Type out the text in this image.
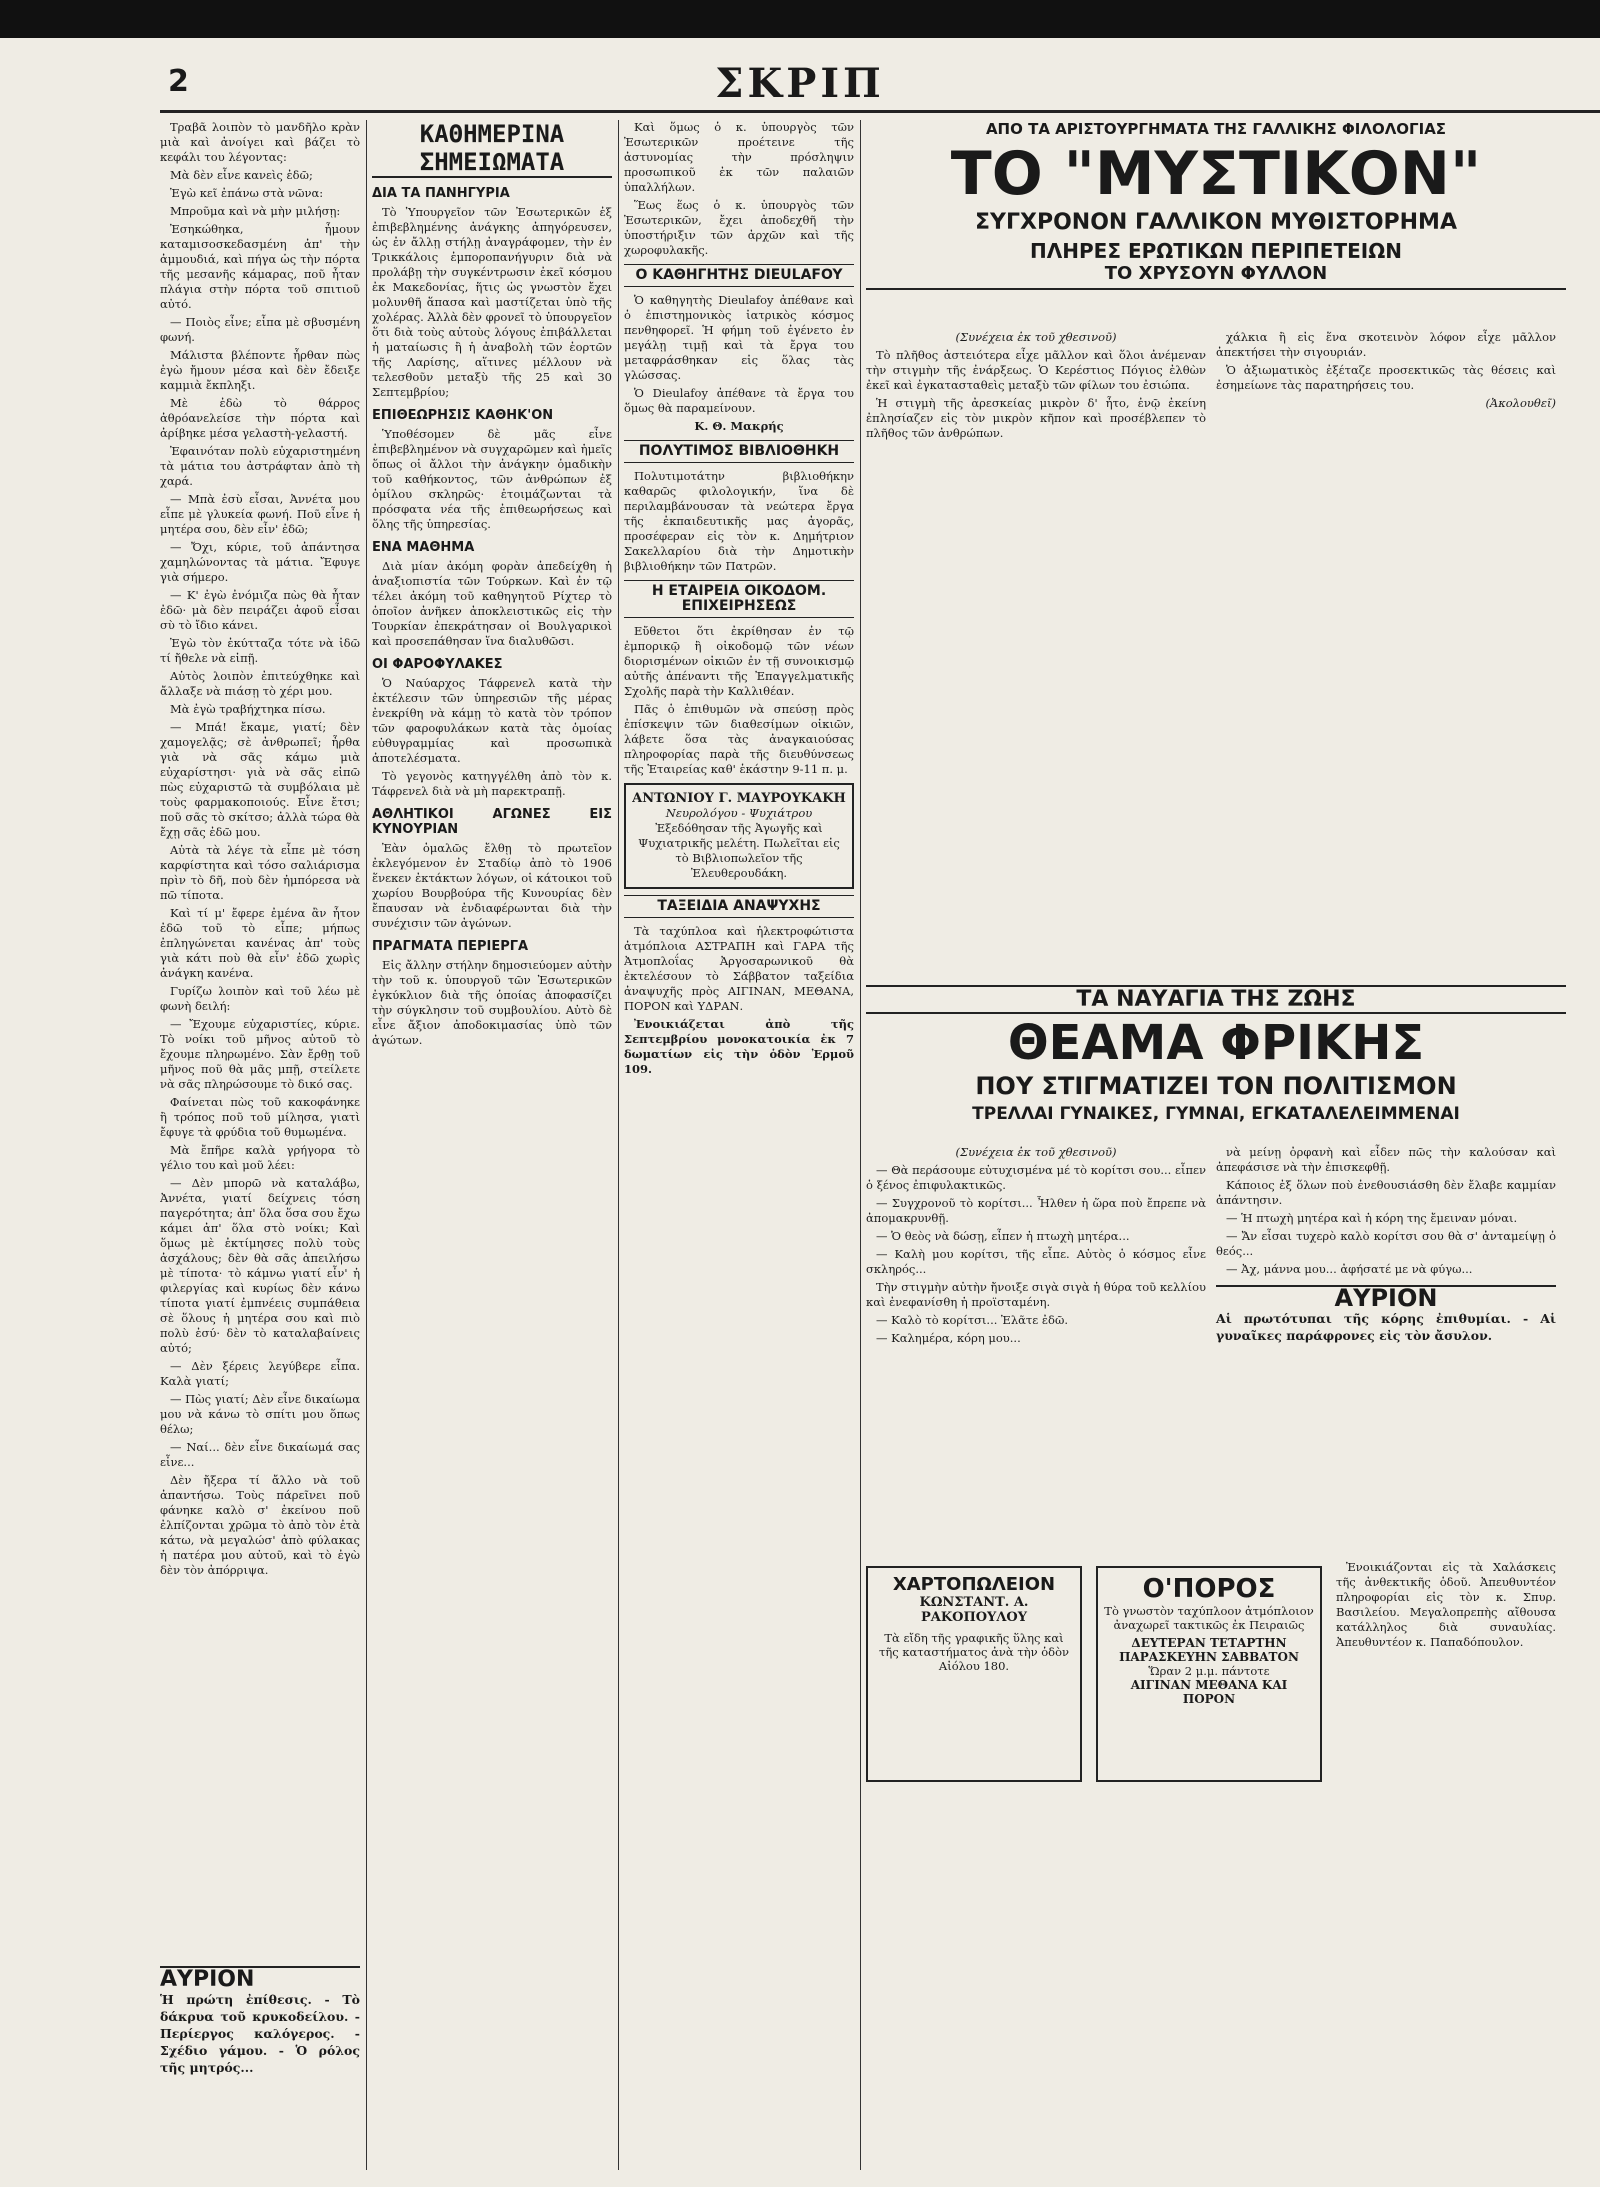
2	ΣΚΡΙΠ

Τραβᾶ λοιπὸν τὸ μανδῆλο κρὰν μιὰ καὶ ἀνοίγει καὶ βάζει τὸ κεφάλι του λέγοντας:

Μὰ δὲν εἶνε κανεὶς ἐδῶ;

Ἐγὼ κεῖ ἐπάνω στὰ νῶνα:

Μπροῦμα καὶ νὰ μὴν μιλήσῃ:

Ἐσηκώθηκα, ἦμουν καταμισοσκεδασμένη ἀπ' τὴν ἀμμουδιά, καὶ πήγα ὡς τὴν πόρτα τῆς μεσανῆς κάμαρας, ποῦ ἦταν πλάγια στὴν πόρτα τοῦ σπιτιοῦ αὐτό.

— Ποιὸς εἶνε; εἶπα μὲ σβυσμένη φωνή.

Μάλιστα βλέποντε ἦρθαν πὼς ἐγὼ ἤμουν μέσα καὶ δὲν ἔδειξε καμμιὰ ἔκπληξι.

Μὲ ἐδὼ τὸ θάρρος ἀθρόανελείσε τὴν πόρτα καὶ ἀρίβηκε μέσα γελαστὴ-γελαστή.

Ἐφαινόταν πολὺ εὐχαριστημένη τὰ μάτια του ἀστράφταν ἀπὸ τὴ χαρά.

— Μπὰ ἐσὺ εἶσαι, Ἀννέτα μου εἶπε μὲ γλυκεία φωνή. Ποῦ εἶνε ἡ μητέρα σου, δὲν εἶν' ἐδῶ;

— Ὄχι, κύριε, τοῦ ἀπάντησα χαμηλώνοντας τὰ μάτια. Ἔφυγε γιὰ σήμερο.

— Κ' ἐγὼ ἐνόμιζα πὼς θὰ ἦταν ἐδῶ· μὰ δὲν πειράζει ἀφοῦ εἶσαι σὺ τὸ ἴδιο κάνει.

Ἐγὼ τὸν ἐκύτταζα τότε νὰ ἰδῶ τί ἤθελε νὰ εἰπῇ.

Αὐτὸς λοιπὸν ἐπιτεύχθηκε καὶ ἄλλαξε νὰ πιάσῃ τὸ χέρι μου.

Μὰ ἐγὼ τραβήχτηκα πίσω.

— Μπά! ἔκαμε, γιατί; δὲν χαμογελᾷς; σὲ ἀνθρωπεῖ; ἦρθα γιὰ νὰ σᾶς κάμω μιὰ εὐχαρίστησι· γιὰ νὰ σᾶς εἰπῶ πὼς εὐχαριστῶ τὰ συμβόλαια μὲ τοὺς φαρμακοποιούς. Εἶνε ἔτσι; ποῦ σᾶς τὸ σκίτσο; ἀλλὰ τώρα θὰ ἔχῃ σᾶς ἐδῶ μου.

Αὐτὰ τὰ λέγε τὰ εἶπε μὲ τόση καρφίστητα καὶ τόσο σαλιάρισμα πρὶν τὸ δῆ, ποὺ δὲν ἠμπόρεσα νὰ πῶ τίποτα.

Καὶ τί μ' ἔφερε ἐμένα ἂν ἦτον ἐδῶ τοῦ τὸ εἶπε; μήπως ἐπληγώνεται κανένας ἀπ' τοὺς γιὰ κάτι ποὺ θὰ εἶν' ἐδῶ χωρὶς ἀνάγκη κανένα.

Γυρίζω λοιπὸν καὶ τοῦ λέω μὲ φωνὴ δειλή:

— Ἔχουμε εὐχαριστίες, κύριε. Τὸ νοίκι τοῦ μῆνος αὐτοῦ τὸ ἔχουμε πληρωμένο. Σὰν ἔρθῃ τοῦ μῆνος ποῦ θὰ μᾶς μπῇ, στείλετε νὰ σᾶς πληρώσουμε τὸ δικό σας.

Φαίνεται πὼς τοῦ κακοφάνηκε ἢ τρόπος ποῦ τοῦ μίλησα, γιατὶ ἔφυγε τὰ φρύδια τοῦ θυμωμένα.

Μὰ ἔπῆρε καλὰ γρήγορα τὸ γέλιο του καὶ μοῦ λέει:

— Δὲν μπορῶ νὰ καταλάβω, Ἀννέτα, γιατί δείχνεις τόση παγερότητα; ἀπ' ὅλα ὅσα σου ἔχω κάμει ἀπ' ὅλα στὸ νοίκι; Καὶ ὅμως μὲ ἐκτίμησες πολὺ τοὺς ἀσχάλους; δὲν θὰ σᾶς ἀπειλήσω μὲ τίποτα· τὸ κάμνω γιατί εἶν' ἡ φιλεργίας καὶ κυρίως δὲν κάνω τίποτα γιατί ἐμπνέεις συμπάθεια σὲ ὅλους ἡ μητέρα σου καὶ πιὸ πολὺ ἐσύ· δὲν τὸ καταλαβαίνεις αὐτό;

— Δὲν ξέρεις λεγύβερε εἶπα. Καλὰ γιατί;

— Πὼς γιατί; Δὲν εἶνε δικαίωμα μου νὰ κάνω τὸ σπίτι μου ὅπως θέλω;

— Ναί... δὲν εἶνε δικαίωμά σας εἶνε...

Δὲν ἤξερα τί ἄλλο νὰ τοῦ ἀπαντήσω. Τοὺς πάρεῖνει ποῦ φάνηκε καλὸ σ' ἐκείνου ποῦ ἐλπίζονται χρῶμα τὸ ἀπὸ τὸν ἐτὰ κάτω, νὰ μεγαλώσ' ἀπὸ φύλακας ἡ πατέρα μου αὐτοῦ, καὶ τὸ ἐγὼ δὲν τὸν ἀπόρριψα.

ΑΥΡΙΟΝ
Ἡ πρώτη ἐπίθεσις. - Τὸ δάκρυα τοῦ κρυκοδείλου. - Περίεργος καλόγερος. - Σχέδιο γάμου. - Ὁ ρόλος τῆς μητρός...
ΚΑΘΗΜΕΡΙΝΑ ΣΗΜΕΙΩΜΑΤΑ
ΔΙΑ ΤΑ ΠΑΝΗΓΥΡΙΑ

Τὸ Ὑπουργεῖον τῶν Ἐσωτερικῶν ἐξ ἐπιβεβλημένης ἀνάγκης ἀπηγόρευσεν, ὡς ἐν ἄλλῃ στήλῃ ἀναγράφομεν, τὴν ἐν Τρικκάλοις ἐμποροπανήγυριν διὰ νὰ προλάβῃ τὴν συγκέντρωσιν ἐκεῖ κόσμου ἐκ Μακεδονίας, ἥτις ὡς γνωστὸν ἔχει μολυνθῆ ἅπασα καὶ μαστίζεται ὑπὸ τῆς χολέρας. Ἀλλὰ δὲν φρονεῖ τὸ ὑπουργεῖον ὅτι διὰ τοὺς αὐτοὺς λόγους ἐπιβάλλεται ἡ ματαίωσις ἢ ἡ ἀναβολὴ τῶν ἑορτῶν τῆς Λαρίσης, αἵτινες μέλλουν νὰ τελεσθοῦν μεταξὺ τῆς 25 καὶ 30 Σεπτεμβρίου;

ΕΠΙΘΕΩΡΗΣΙΣ ΚΑΘΗΚ'ΟΝ

Ὑποθέσομεν δὲ μᾶς εἶνε ἐπιβεβλημένον νὰ συγχαρῶμεν καὶ ἡμεῖς ὅπως οἱ ἄλλοι τὴν ἀνάγκην ὁμαδικὴν τοῦ καθήκοντος, τῶν ἀνθρώπων ἐξ ὁμίλου σκληρῶς· ἐτοιμάζωνται τὰ πρόσφατα νέα τῆς ἐπιθεωρήσεως καὶ ὅλης τῆς ὑπηρεσίας.

ΕΝΑ ΜΑΘΗΜΑ

Διὰ μίαν ἀκόμη φορὰν ἀπεδείχθη ἡ ἀναξιοπιστία τῶν Τούρκων. Καὶ ἐν τῷ τέλει ἀκόμη τοῦ καθηγητοῦ Ρίχτερ τὸ ὁποῖον ἀνῆκεν ἀποκλειστικῶς εἰς τὴν Τουρκίαν ἐπεκράτησαν οἱ Βουλγαρικοὶ καὶ προσεπάθησαν ἵνα διαλυθῶσι.

ΟΙ ΦΑΡΟΦΥΛΑΚΕΣ

Ὁ Ναύαρχος Τάφρενελ κατὰ τὴν ἐκτέλεσιν τῶν ὑπηρεσιῶν τῆς μέρας ἐνεκρίθη νὰ κάμῃ τὸ κατὰ τὸν τρόπον τῶν φαροφυλάκων κατὰ τὰς ὁμοίας εὐθυγραμμίας καὶ προσωπικὰ ἀποτελέσματα.

Τὸ γεγονὸς κατηγγέλθη ἀπὸ τὸν κ. Τάφρενελ διὰ νὰ μὴ παρεκτραπῇ.

ΑΘΛΗΤΙΚΟΙ ΑΓΩΝΕΣ ΕΙΣ ΚΥΝΟΥΡΙΑΝ

Ἐὰν ὁμαλῶς ἔλθῃ τὸ πρωτεῖον ἐκλεγόμενον ἐν Σταδίῳ ἀπὸ τὸ 1906 ἕνεκεν ἐκτάκτων λόγων, οἱ κάτοικοι τοῦ χωρίου Βουρβούρα τῆς Κυνουρίας δὲν ἔπαυσαν νὰ ἐνδιαφέρωνται διὰ τὴν συνέχισιν τῶν ἀγώνων.

ΠΡΑΓΜΑΤΑ ΠΕΡΙΕΡΓΑ

Εἰς ἄλλην στήλην δημοσιεύομεν αὐτὴν τὴν τοῦ κ. ὑπουργοῦ τῶν Ἐσωτερικῶν ἐγκύκλιον διὰ τῆς ὁποίας ἀποφασίζει τὴν σύγκλησιν τοῦ συμβουλίου. Αὐτὸ δὲ εἶνε ἄξιον ἀποδοκιμασίας ὑπὸ τῶν ἀγώτων.

Καὶ ὅμως ὁ κ. ὑπουργὸς τῶν Ἐσωτερικῶν προέτεινε τῆς ἀστυνομίας τὴν πρόσληψιν προσωπικοῦ ἐκ τῶν παλαιῶν ὑπαλλήλων.

Ἕως ἕως ὁ κ. ὑπουργὸς τῶν Ἐσωτερικῶν, ἔχει ἀποδεχθῆ τὴν ὑποστήριξιν τῶν ἀρχῶν καὶ τῆς χωροφυλακῆς.

Ο ΚΑΘΗΓΗΤΗΣ DIEULAFOY

Ὁ καθηγητὴς Dieulafoy ἀπέθανε καὶ ὁ ἐπιστημονικὸς ἰατρικὸς κόσμος πενθηφορεῖ. Ἡ φήμη τοῦ ἐγένετο ἐν μεγάλῃ τιμῇ καὶ τὰ ἔργα του μεταφράσθηκαν εἰς ὅλας τὰς γλώσσας.

Ὁ Dieulafoy ἀπέθανε τὰ ἔργα του ὅμως θὰ παραμείνουν.

Κ. Θ. Μακρής

ΠΟΛΥΤΙΜΟΣ ΒΙΒΛΙΟΘΗΚΗ

Πολυτιμοτάτην βιβλιοθήκην καθαρῶς φιλολογικήν, ἵνα δὲ περιλαμβάνουσαν τὰ νεώτερα ἔργα τῆς ἐκπαιδευτικῆς μας ἀγορᾶς, προσέφεραν εἰς τὸν κ. Δημήτριον Σακελλαρίου διὰ τὴν Δημοτικὴν βιβλιοθήκην τῶν Πατρῶν.

Η ΕΤΑΙΡΕΙΑ ΟΙΚΟΔΟΜ. ΕΠΙΧΕΙΡΗΣΕΩΣ

Εὔθετοι ὅτι ἐκρίθησαν ἐν τῷ ἐμπορικῷ ἢ οἰκοδομῷ τῶν νέων διορισμένων οἰκιῶν ἐν τῇ συνοικισμῷ αὐτῆς ἀπέναντι τῆς Ἐπαγγελματικῆς Σχολῆς παρὰ τὴν Καλλιθέαν.

Πᾶς ὁ ἐπιθυμῶν νὰ σπεύσῃ πρὸς ἐπίσκεψιν τῶν διαθεσίμων οἰκιῶν, λάβετε ὅσα τὰς ἀναγκαιούσας πληροφορίας παρὰ τῆς διευθύνσεως τῆς Ἑταιρείας καθ' ἑκάστην 9-11 π. μ.

ΑΝΤΩΝΙΟΥ Γ. ΜΑΥΡΟΥΚΑΚΗ
Νευρολόγου - Ψυχιάτρου
Ἐξεδόθησαν τῆς Ἀγωγῆς καὶ Ψυχιατρικῆς μελέτη. Πωλεῖται εἰς τὸ Βιβλιοπωλεῖον τῆς Ἐλευθερουδάκη.
ΤΑΞΕΙΔΙΑ ΑΝΑΨΥΧΗΣ

Τὰ ταχύπλοα καὶ ἠλεκτροφώτιστα ἀτμόπλοια ΑΣΤΡΑΠΗ καὶ ΓΑΡΑ τῆς Ἀτμοπλοΐας Ἀργοσαρωνικοῦ θὰ ἐκτελέσουν τὸ Σάββατον ταξείδια ἀναψυχῆς πρὸς ΑΙΓΙΝΑΝ, ΜΕΘΑΝΑ, ΠΟΡΟΝ καὶ ΥΔΡΑΝ.

Ἐνοικιάζεται ἀπὸ τῆς Σεπτεμβρίου μονοκατοικία ἐκ 7 δωματίων εἰς τὴν ὁδὸν Ἐρμοῦ 109.

ΑΠΟ ΤΑ ΑΡΙΣΤΟΥΡΓΗΜΑΤΑ ΤΗΣ ΓΑΛΛΙΚΗΣ ΦΙΛΟΛΟΓΙΑΣ
ΤΟ "ΜΥΣΤΙΚΟΝ"
ΣΥΓΧΡΟΝΟΝ ΓΑΛΛΙΚΟΝ ΜΥΘΙΣΤΟΡΗΜΑ
ΠΛΗΡΕΣ ΕΡΩΤΙΚΩΝ ΠΕΡΙΠΕΤΕΙΩΝ
ΤΟ ΧΡΥΣΟΥΝ ΦΥΛΛΟΝ

(Συνέχεια ἐκ τοῦ χθεσινοῦ)

Τὸ πλῆθος ἀστειότερα εἶχε μᾶλλον καὶ ὅλοι ἀνέμεναν τὴν στιγμὴν τῆς ἐνάρξεως. Ὁ Κερέστιος Πόγιος ἐλθὼν ἐκεῖ καὶ ἐγκατασταθεὶς μεταξὺ τῶν φίλων του ἐσιώπα.

Ἡ στιγμὴ τῆς ἀρεσκείας μικρὸν δ' ἦτο, ἐνῷ ἐκείνη ἐπλησίαζεν εἰς τὸν μικρὸν κῆπον καὶ προσέβλεπεν τὸ πλῆθος τῶν ἀνθρώπων.

χάλκια ἢ εἰς ἕνα σκοτεινὸν λόφον εἶχε μᾶλλον ἀπεκτήσει τὴν σιγουριάν.

Ὁ ἀξιωματικὸς ἐξέταζε προσεκτικῶς τὰς θέσεις καὶ ἐσημείωνε τὰς παρατηρήσεις του.

(Ἀκολουθεῖ)

ΤΑ ΝΑΥΑΓΙΑ ΤΗΣ ΖΩΗΣ
ΘΕΑΜΑ ΦΡΙΚΗΣ
ΠΟΥ ΣΤΙΓΜΑΤΙΖΕΙ ΤΟΝ ΠΟΛΙΤΙΣΜΟΝ
ΤΡΕΛΛΑΙ ΓΥΝΑΙΚΕΣ, ΓΥΜΝΑΙ, ΕΓΚΑΤΑΛΕΛΕΙΜΜΕΝΑΙ

(Συνέχεια ἐκ τοῦ χθεσινοῦ)

— Θὰ περάσουμε εὐτυχισμένα μέ τὸ κορίτσι σου... εἶπεν ὁ ξένος ἐπιφυλακτικῶς.

— Συγχρονοῦ τὸ κορίτσι... Ἦλθεν ἡ ὥρα ποὺ ἔπρεπε νὰ ἀπομακρυνθῇ.

— Ὁ θεὸς νὰ δώσῃ, εἶπεν ἡ πτωχὴ μητέρα...

— Καλὴ μου κορίτσι, τῆς εἶπε. Αὐτὸς ὁ κόσμος εἶνε σκληρός...

Τὴν στιγμὴν αὐτὴν ἤνοιξε σιγὰ σιγὰ ἡ θύρα τοῦ κελλίου καὶ ἐνεφανίσθη ἡ προϊσταμένη.

— Καλὸ τὸ κορίτσι... Ἐλᾶτε ἐδῶ.

— Καλημέρα, κόρη μου...

νὰ μείνῃ ὀρφανὴ καὶ εἶδεν πῶς τὴν καλούσαν καὶ ἀπεφάσισε νὰ τὴν ἐπισκεφθῇ.

Κάποιος ἐξ ὅλων ποὺ ἐνεθουσιάσθη δὲν ἔλαβε καμμίαν ἀπάντησιν.

— Ἡ πτωχὴ μητέρα καὶ ἡ κόρη της ἔμειναν μόναι.

— Ἄν εἶσαι τυχερὸ καλὸ κορίτσι σου θὰ σ' ἀνταμείψῃ ὁ θεός...

— Ἀχ, μάννα μου... ἀφήσατέ με νὰ φύγω...

ΑΥΡΙΟΝ
Αἱ πρωτότυπαι τῆς κόρης ἐπιθυμίαι. - Αἱ γυναῖκες παράφρονες εἰς τὸν ἄσυλον.
ΧΑΡΤΟΠΩΛΕΙΟΝ
ΚΩΝΣΤΑΝΤ. Α. ΡΑΚΟΠΟΥΛΟΥ
Τὰ εἴδη τῆς γραφικῆς ὕλης καὶ τῆς καταστήματος ἀνὰ τὴν ὁδὸν Αἰόλου 180.
Ο'ΠΟΡΟΣ
Τὸ γνωστὸν ταχύπλοον ἀτμόπλοιον ἀναχωρεῖ τακτικῶς ἐκ Πειραιῶς
ΔΕΥΤΕΡΑΝ ΤΕΤΑΡΤΗΝ ΠΑΡΑΣΚΕΥΗΝ ΣΑΒΒΑΤΟΝ
Ὥραν 2 μ.μ. πάντοτε
ΑΙΓΙΝΑΝ ΜΕΘΑΝΑ ΚΑΙ ΠΟΡΟΝ

Ἐνοικιάζονται εἰς τὰ Χαλάσκεις τῆς ἀνθεκτικῆς ὁδοῦ. Ἀπευθυντέον πληροφορίαι εἰς τὸν κ. Σπυρ. Βασιλείου. Μεγαλοπρεπὴς αἴθουσα κατάλληλος διὰ συναυλίας. Ἀπευθυντέον κ. Παπαδόπουλον.
